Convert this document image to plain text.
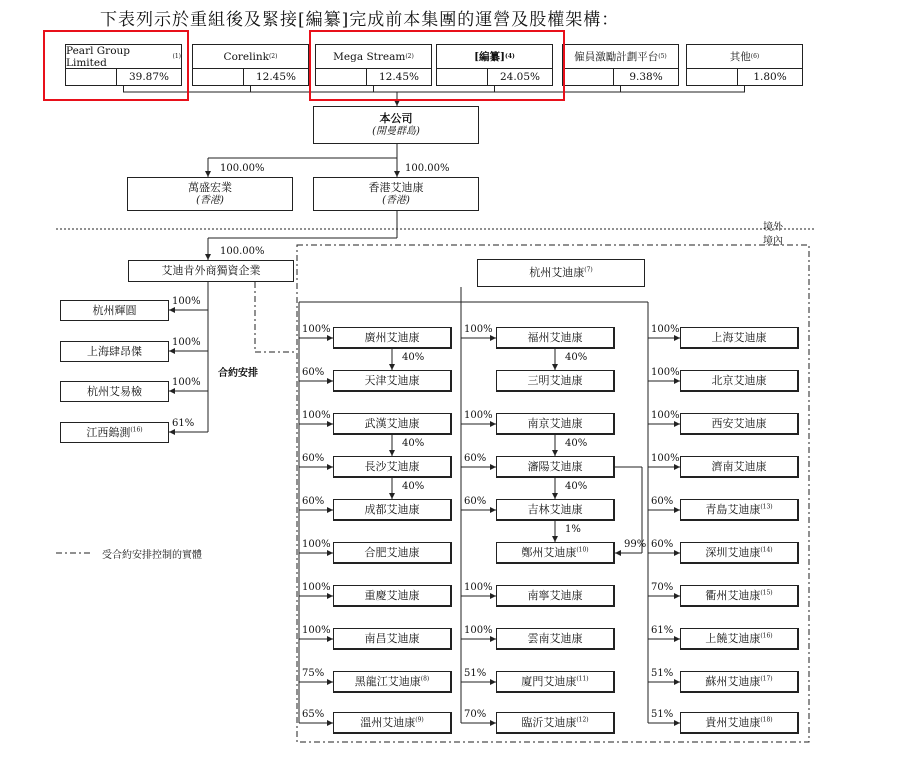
下表列示於重組後及緊接[編纂]完成前本集團的運營及股權架構：
Pearl Group Limited	(1)
39.87%
Corelink (2)
12.45%
Mega Stream (2)
12.45%
[編纂] (4)
24.05%
僱員激勵計劃平台 (5)
9.38%
其他 (6)
1.80%
本公司
(開曼群島)
100.00%	100.00%
萬盛宏業
(香港)
香港艾迪康
(香港)
境外
境內
100.00%
艾迪肯外商獨資企業
杭州輝圓
100%
上海肆昂傑
100%
杭州艾易檢
100%
江西鎢測$^{(16)}$
61%
合約安排
受合約安排控制的實體
杭州艾迪康$^{(7)}$
廣州艾迪康
100%
天津艾迪康
60%
武漢艾迪康
100%
長沙艾迪康
60%
成都艾迪康
60%
合肥艾迪康
100%
重慶艾迪康
100%
南昌艾迪康
100%
黑龍江艾迪康$^{(8)}$
75%
溫州艾迪康$^{(9)}$
65%
福州艾迪康
100%
三明艾迪康
南京艾迪康
100%
瀋陽艾迪康
60%
吉林艾迪康
60%
鄭州艾迪康$^{(10)}$
南寧艾迪康
100%
雲南艾迪康
100%
廈門艾迪康$^{(11)}$
51%
臨沂艾迪康$^{(12)}$
70%
上海艾迪康
100%
北京艾迪康
100%
西安艾迪康
100%
濟南艾迪康
100%
青島艾迪康$^{(13)}$
60%
深圳艾迪康$^{(14)}$
60%
衢州艾迪康$^{(15)}$
70%
上饒艾迪康$^{(16)}$
61%
蘇州艾迪康$^{(17)}$
51%
貴州艾迪康$^{(18)}$
51%
40%
40%
40%
40%
40%
40%
1%
99%
